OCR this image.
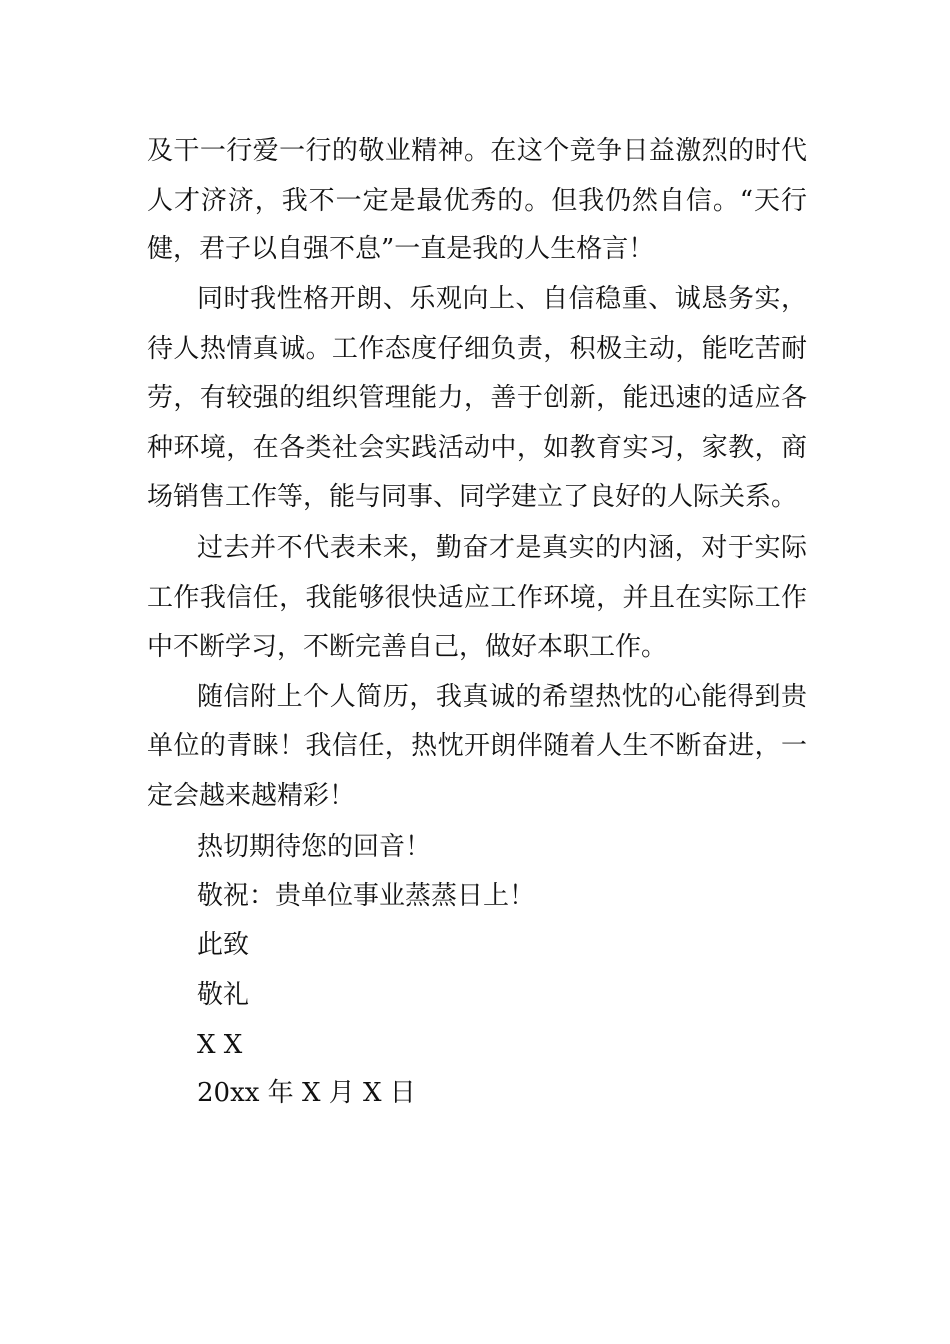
及干一行爱一行的敬业精神。在这个竞争日益激烈的时代
人才济济，我不一定是最优秀的。但我仍然自信。“天行
健，君子以自强不息”一直是我的人生格言！
同时我性格开朗、乐观向上、自信稳重、诚恳务实，
待人热情真诚。工作态度仔细负责，积极主动，能吃苦耐
劳，有较强的组织管理能力，善于创新，能迅速的适应各
种环境，在各类社会实践活动中，如教育实习，家教，商
场销售工作等，能与同事、同学建立了良好的人际关系。
过去并不代表未来，勤奋才是真实的内涵，对于实际
工作我信任，我能够很快适应工作环境，并且在实际工作
中不断学习，不断完善自己，做好本职工作。
随信附上个人简历，我真诚的希望热忱的心能得到贵
单位的青睐！我信任，热忱开朗伴随着人生不断奋进，一
定会越来越精彩！
热切期待您的回音！
敬祝：贵单位事业蒸蒸日上！
此致
敬礼
X X
20xx 年 X 月 X 日
